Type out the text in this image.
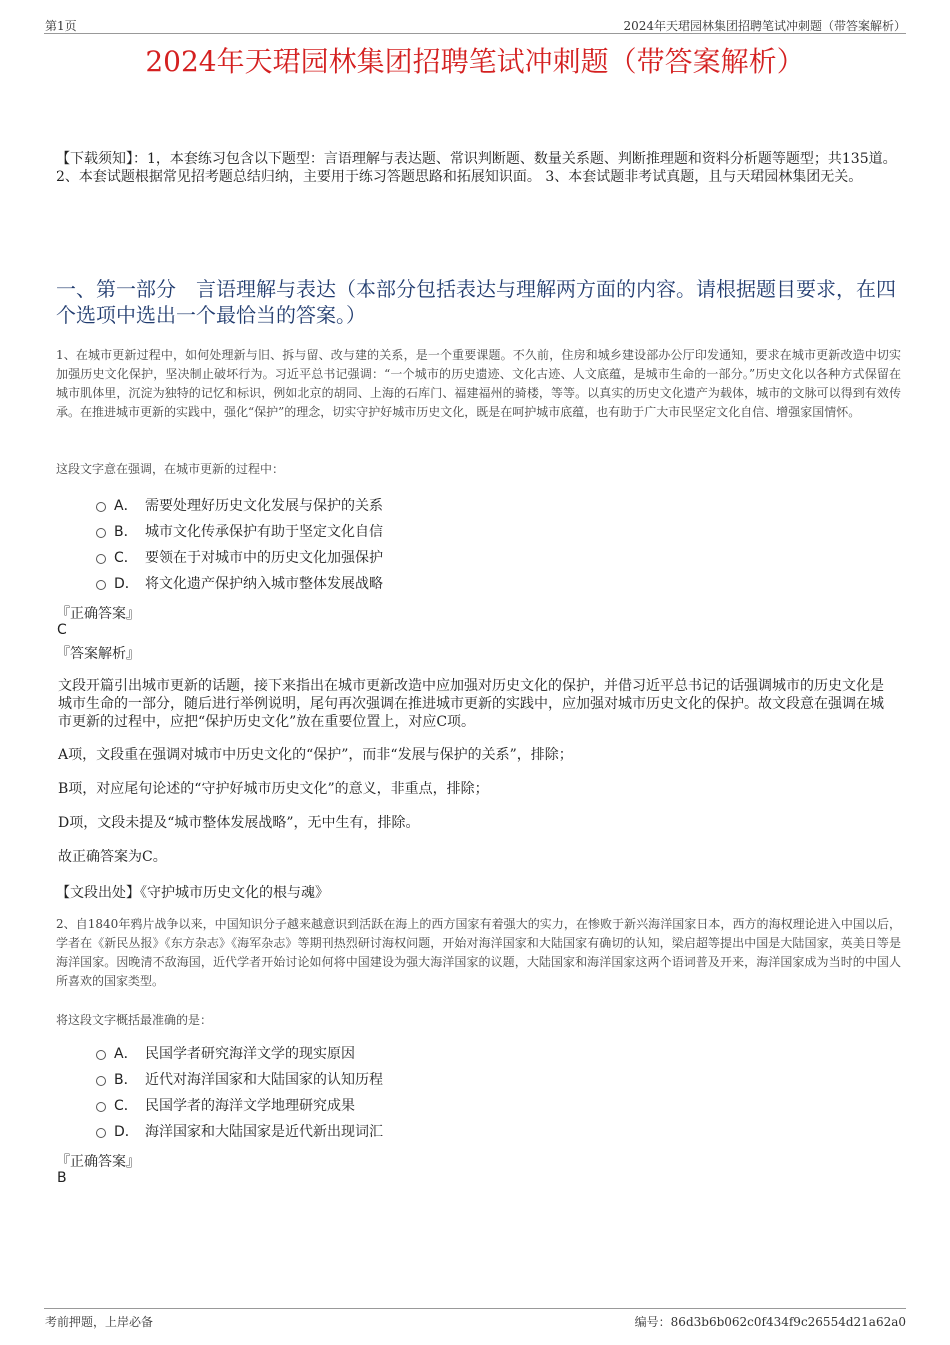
第1页	2024年天珺园林集团招聘笔试冲刺题（带答案解析）
2024年天珺园林集团招聘笔试冲刺题（带答案解析）
【下载须知】：1，本套练习包含以下题型：言语理解与表达题、常识判断题、数量关系题、判断推理题和资料分析题等题型；共135道。 2、本套试题根据常见招考题总结归纳，主要用于练习答题思路和拓展知识面。 3、本套试题非考试真题，且与天珺园林集团无关。
一、第一部分　言语理解与表达（本部分包括表达与理解两方面的内容。请根据题目要求，在四个选项中选出一个最恰当的答案。）
1、在城市更新过程中，如何处理新与旧、拆与留、改与建的关系，是一个重要课题。不久前，住房和城乡建设部办公厅印发通知，要求在城市更新改造中切实加强历史文化保护，坚决制止破坏行为。习近平总书记强调：“一个城市的历史遗迹、文化古迹、人文底蕴，是城市生命的一部分。”历史文化以各种方式保留在城市肌体里，沉淀为独特的记忆和标识，例如北京的胡同、上海的石库门、福建福州的骑楼，等等。以真实的历史文化遗产为载体，城市的文脉可以得到有效传承。在推进城市更新的实践中，强化“保护”的理念，切实守护好城市历史文化，既是在呵护城市底蕴，也有助于广大市民坚定文化自信、增强家国情怀。
这段文字意在强调，在城市更新的过程中：
A． 需要处理好历史文化发展与保护的关系
B． 城市文化传承保护有助于坚定文化自信
C． 要领在于对城市中的历史文化加强保护
D． 将文化遗产保护纳入城市整体发展战略
『正确答案』
C
『答案解析』
文段开篇引出城市更新的话题，接下来指出在城市更新改造中应加强对历史文化的保护，并借习近平总书记的话强调城市的历史文化是城市生命的一部分，随后进行举例说明，尾句再次强调在推进城市更新的实践中，应加强对城市历史文化的保护。故文段意在强调在城市更新的过程中，应把“保护历史文化”放在重要位置上，对应C项。
A项，文段重在强调对城市中历史文化的“保护”，而非“发展与保护的关系”，排除；
B项，对应尾句论述的“守护好城市历史文化”的意义，非重点，排除；
D项，文段未提及“城市整体发展战略”，无中生有，排除。
故正确答案为C。
【文段出处】《守护城市历史文化的根与魂》
2、自1840年鸦片战争以来，中国知识分子越来越意识到活跃在海上的西方国家有着强大的实力，在惨败于新兴海洋国家日本，西方的海权理论进入中国以后，学者在《新民丛报》《东方杂志》《海军杂志》等期刊热烈研讨海权问题，开始对海洋国家和大陆国家有确切的认知，梁启超等提出中国是大陆国家，英美日等是海洋国家。因晚清不敌海国，近代学者开始讨论如何将中国建设为强大海洋国家的议题，大陆国家和海洋国家这两个语词普及开来，海洋国家成为当时的中国人所喜欢的国家类型。
将这段文字概括最准确的是：
A． 民国学者研究海洋文学的现实原因
B． 近代对海洋国家和大陆国家的认知历程
C． 民国学者的海洋文学地理研究成果
D． 海洋国家和大陆国家是近代新出现词汇
『正确答案』
B
考前押题，上岸必备	编号：86d3b6b062c0f434f9c26554d21a62a0
